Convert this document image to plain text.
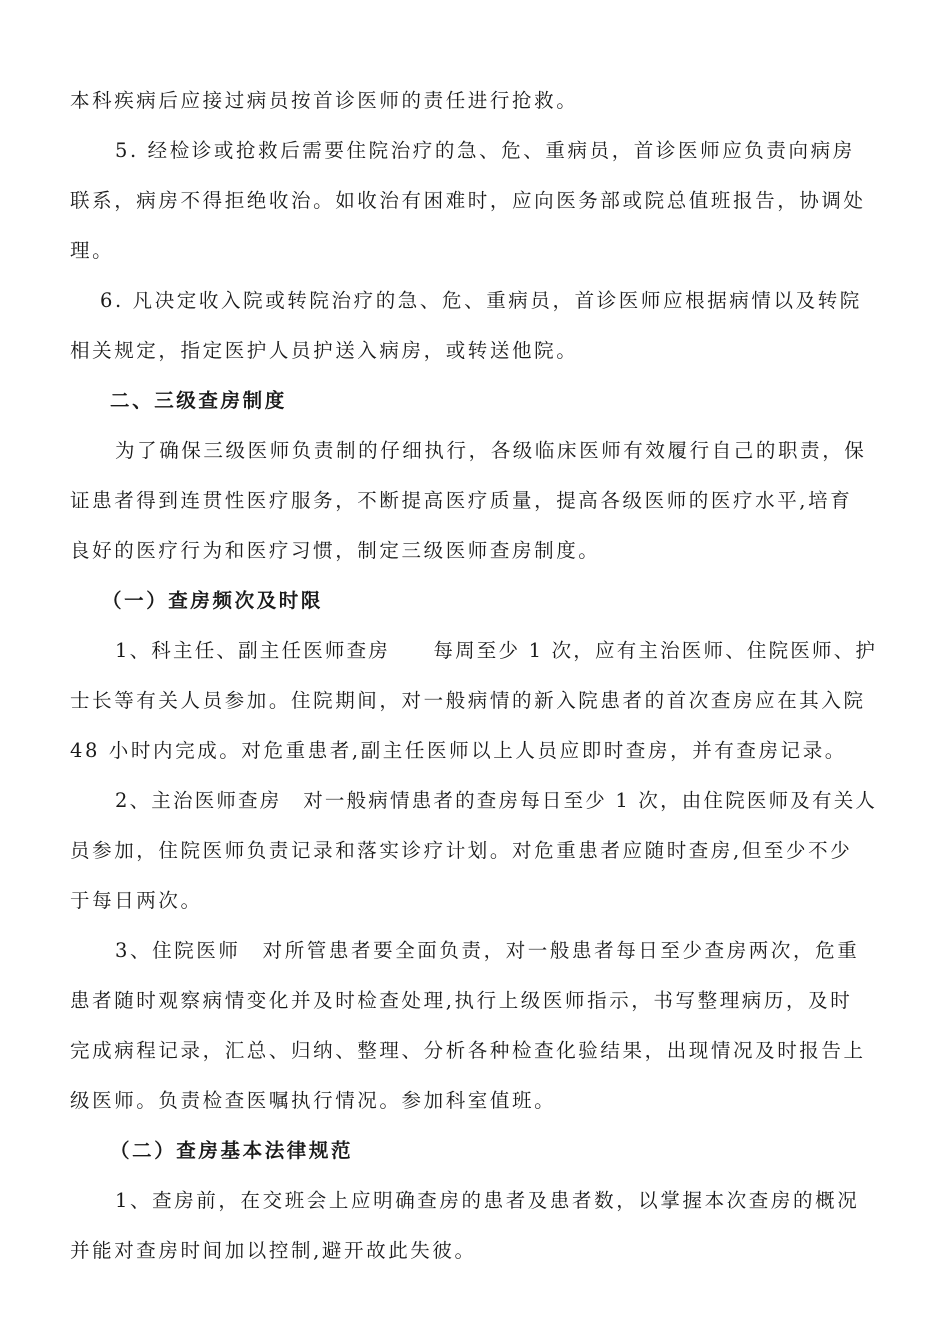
本科疾病后应接过病员按首诊医师的责任进行抢救。
5. 经检诊或抢救后需要住院治疗的急、危、重病员，首诊医师应负责向病房
联系，病房不得拒绝收治。如收治有困难时，应向医务部或院总值班报告，协调处
理。
6. 凡决定收入院或转院治疗的急、危、重病员，首诊医师应根据病情以及转院
相关规定，指定医护人员护送入病房，或转送他院。
二、三级查房制度
为了确保三级医师负责制的仔细执行，各级临床医师有效履行自己的职责，保
证患者得到连贯性医疗服务，不断提高医疗质量，提高各级医师的医疗水平,培育
良好的医疗行为和医疗习惯，制定三级医师查房制度。
（一）查房频次及时限
1、科主任、副主任医师查房　　每周至少 1 次，应有主治医师、住院医师、护
士长等有关人员参加。住院期间，对一般病情的新入院患者的首次查房应在其入院
48 小时内完成。对危重患者,副主任医师以上人员应即时查房，并有查房记录。
2、主治医师查房　对一般病情患者的查房每日至少 1 次，由住院医师及有关人
员参加，住院医师负责记录和落实诊疗计划。对危重患者应随时查房,但至少不少
于每日两次。
3、住院医师　对所管患者要全面负责，对一般患者每日至少查房两次，危重
患者随时观察病情变化并及时检查处理,执行上级医师指示，书写整理病历，及时
完成病程记录，汇总、归纳、整理、分析各种检查化验结果，出现情况及时报告上
级医师。负责检查医嘱执行情况。参加科室值班。
（二）查房基本法律规范
1、查房前，在交班会上应明确查房的患者及患者数，以掌握本次查房的概况
并能对查房时间加以控制,避开故此失彼。
